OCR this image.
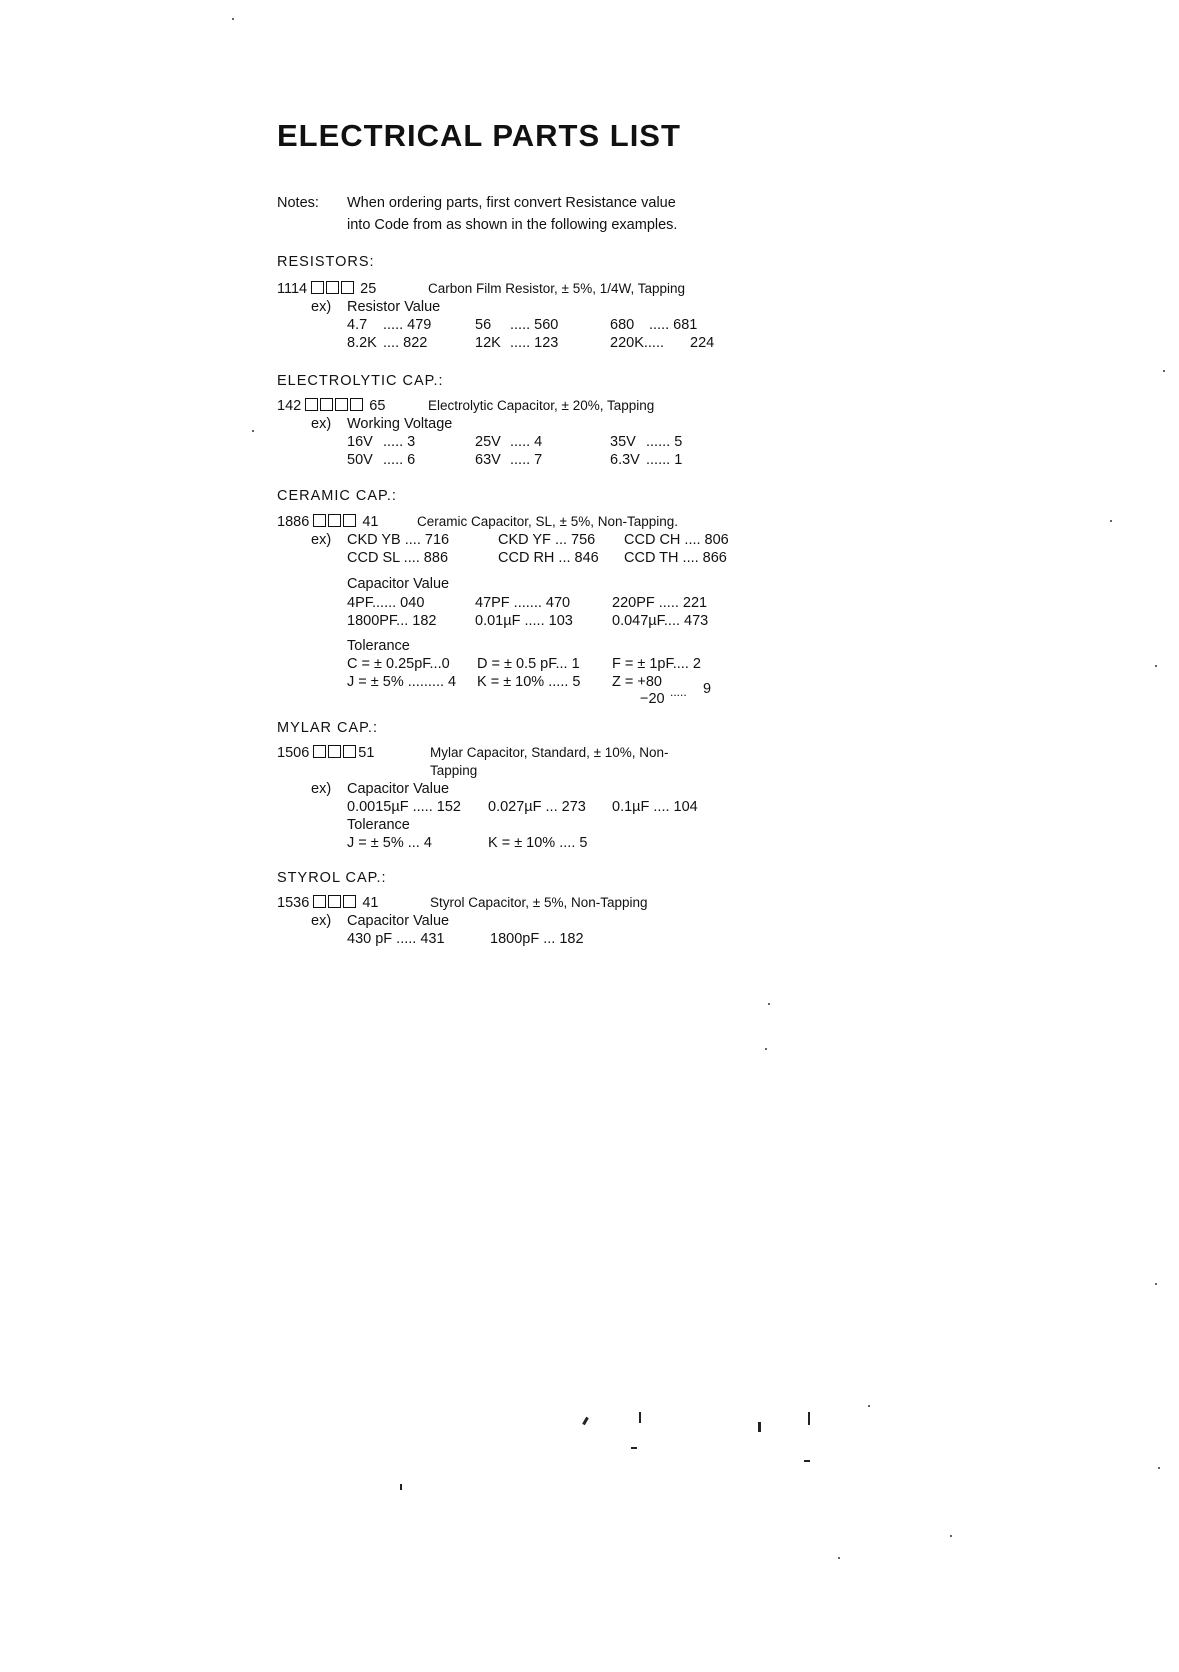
ELECTRICAL PARTS LIST
Notes: When ordering parts, first convert Resistance value
into Code from as shown in the following examples.
RESISTORS:
1114	25	Carbon Film Resistor, ± 5%, 1/4W, Tapping
ex) Resistor Value
4.7 ..... 479	56 ..... 560	680 ..... 681
8.2K .... 822	12K ..... 123	220K..... 224
ELECTROLYTIC CAP.:
142	65	Electrolytic Capacitor, ± 20%, Tapping
ex) Working Voltage
16V ..... 3	25V ..... 4	35V ...... 5
50V ..... 6	63V ..... 7	6.3V ...... 1
CERAMIC CAP.:
1886	41	Ceramic Capacitor, SL, ± 5%, Non-Tapping.
ex) CKD YB .... 716	CKD YF ... 756 CCD CH .... 806
CCD SL .... 886	CCD RH ... 846 CCD TH .... 866
Capacitor Value
4PF...... 040	47PF ....... 470	220PF ..... 221
1800PF... 182	0.01µF ..... 103	0.047µF.... 473
Tolerance
C = ± 0.25pF...0 D = ± 0.5 pF... 1 F = ± 1pF.... 2
J = ± 5% ......... 4 K = ± 10% ..... 5 Z = +80
−20 ..... 9
MYLAR CAP.:
1506	51	Mylar Capacitor, Standard, ± 10%, Non-
Tapping
ex) Capacitor Value
0.0015µF ..... 152 0.027µF ... 273 0.1µF .... 104
Tolerance
J = ± 5% ... 4	K = ± 10% .... 5
STYROL CAP.:
1536	41	Styrol Capacitor, ± 5%, Non-Tapping
ex) Capacitor Value
430 pF ..... 431	1800pF ... 182
